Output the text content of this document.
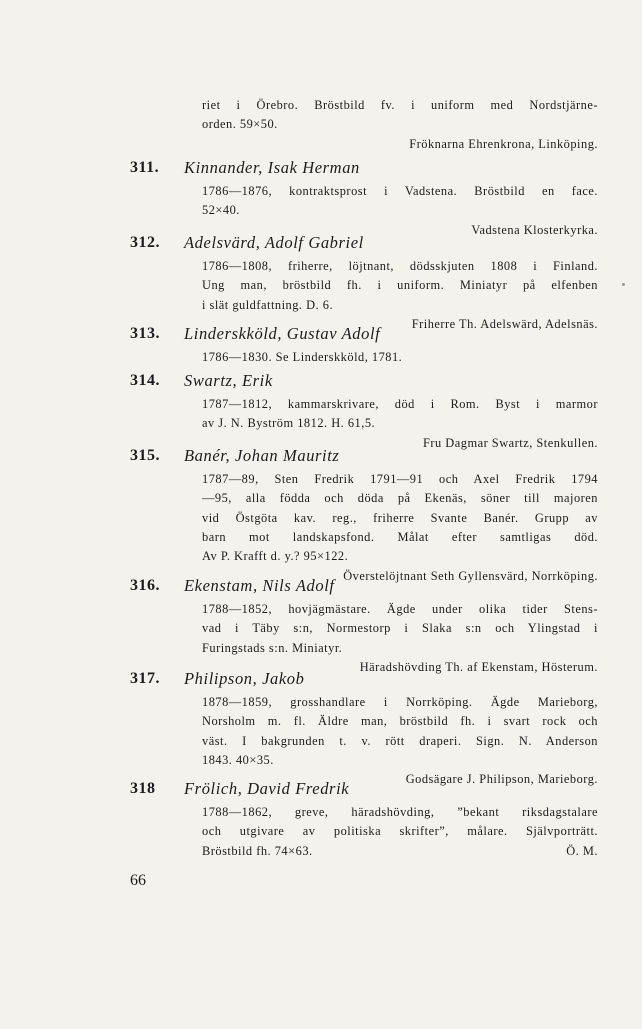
riet i Örebro. Bröstbild fv. i uniform med Nordstjärne-
orden. 59×50.
Fröknarna Ehrenkrona, Linköping.
311. Kinnander, Isak Herman
1786—1876, kontraktsprost i Vadstena. Bröstbild en face.
52×40.
Vadstena Klosterkyrka.
312. Adelsvärd, Adolf Gabriel
1786—1808, friherre, löjtnant, dödsskjuten 1808 i Finland.
Ung man, bröstbild fh. i uniform. Miniatyr på elfenben
i slät guldfattning. D. 6.
Friherre Th. Adelswärd, Adelsnäs.
313. Linderskköld, Gustav Adolf
1786—1830. Se Linderskköld, 1781.
314. Swartz, Erik
1787—1812, kammarskrivare, död i Rom. Byst i marmor
av J. N. Byström 1812. H. 61,5.
Fru Dagmar Swartz, Stenkullen.
315. Banér, Johan Mauritz
1787—89, Sten Fredrik 1791—91 och Axel Fredrik 1794
—95, alla födda och döda på Ekenäs, söner till majoren
vid Östgöta kav. reg., friherre Svante Banér. Grupp av
barn mot landskapsfond. Målat efter samtligas död.
Av P. Krafft d. y.? 95×122.
Överstelöjtnant Seth Gyllensvärd, Norrköping.
316. Ekenstam, Nils Adolf
1788—1852, hovjägmästare. Ägde under olika tider Stens-
vad i Täby s:n, Normestorp i Slaka s:n och Ylingstad i
Furingstads s:n. Miniatyr.
Häradshövding Th. af Ekenstam, Hösterum.
317. Philipson, Jakob
1878—1859, grosshandlare i Norrköping. Ägde Marieborg,
Norsholm m. fl. Äldre man, bröstbild fh. i svart rock och
väst. I bakgrunden t. v. rött draperi. Sign. N. Anderson
1843. 40×35.
Godsägare J. Philipson, Marieborg.
318 Frölich, David Fredrik
1788—1862, greve, häradshövding, ”bekant riksdagstalare
och utgivare av politiska skrifter”, målare. Självporträtt.
Bröstbild fh. 74×63.	Ö. M.
66
